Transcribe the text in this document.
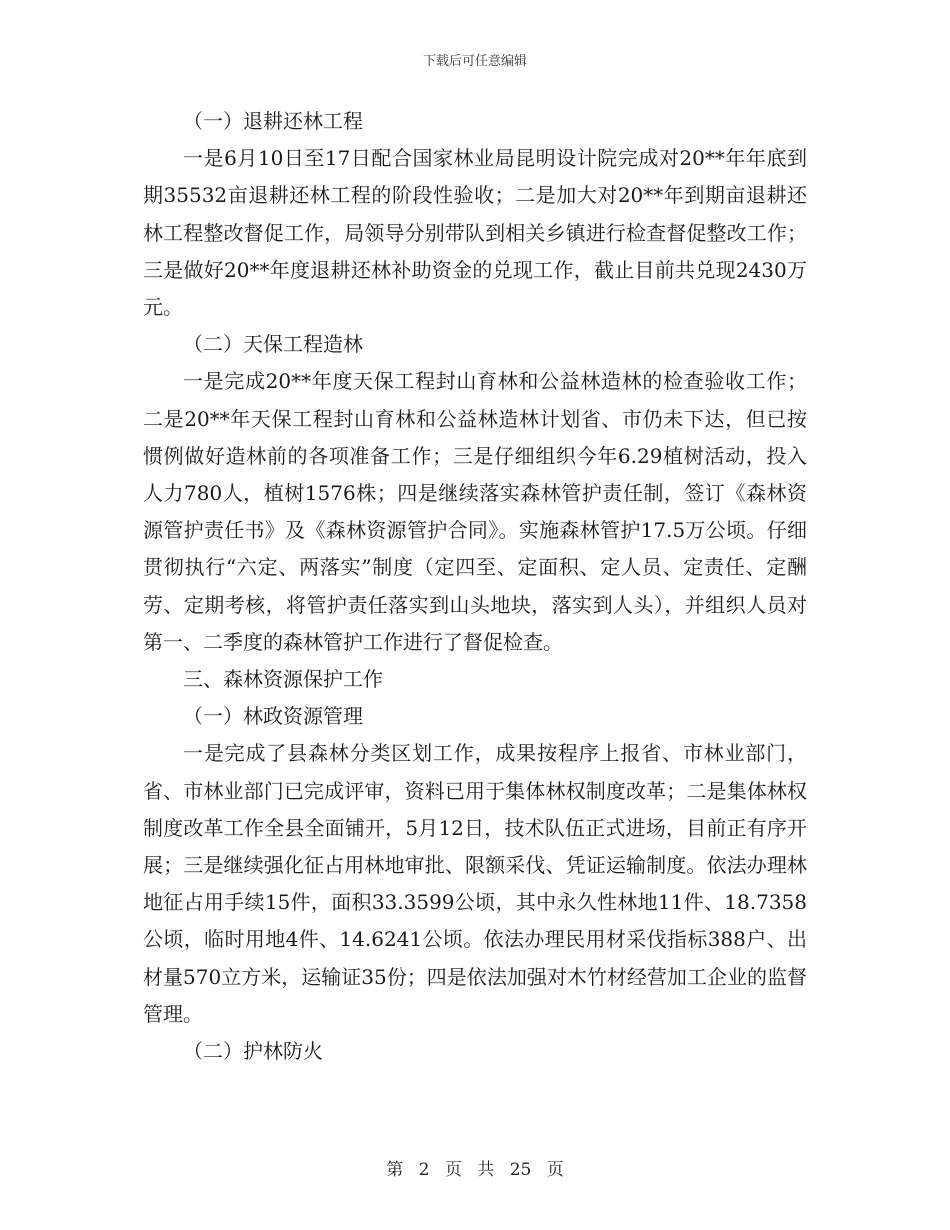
下载后可任意编辑

（一）退耕还林工程

一是6月10日至17日配合国家林业局昆明设计院完成对20**年年底到期35532亩退耕还林工程的阶段性验收；二是加大对20**年到期亩退耕还林工程整改督促工作，局领导分别带队到相关乡镇进行检查督促整改工作；三是做好20**年度退耕还林补助资金的兑现工作，截止目前共兑现2430万元。

（二）天保工程造林

一是完成20**年度天保工程封山育林和公益林造林的检查验收工作；二是20**年天保工程封山育林和公益林造林计划省、市仍未下达，但已按惯例做好造林前的各项准备工作；三是仔细组织今年6.29植树活动，投入人力780人，植树1576株；四是继续落实森林管护责任制，签订《森林资源管护责任书》及《森林资源管护合同》。实施森林管护17.5万公顷。仔细贯彻执行“六定、两落实”制度（定四至、定面积、定人员、定责任、定酬劳、定期考核，将管护责任落实到山头地块，落实到人头），并组织人员对第一、二季度的森林管护工作进行了督促检查。

三、森林资源保护工作

（一）林政资源管理

一是完成了县森林分类区划工作，成果按程序上报省、市林业部门，省、市林业部门已完成评审，资料已用于集体林权制度改革；二是集体林权制度改革工作全县全面铺开，5月12日，技术队伍正式进场，目前正有序开展；三是继续强化征占用林地审批、限额采伐、凭证运输制度。依法办理林地征占用手续15件，面积33.3599公顷，其中永久性林地11件、18.7358公顷，临时用地4件、14.6241公顷。依法办理民用材采伐指标388户、出材量570立方米，运输证35份；四是依法加强对木竹材经营加工企业的监督管理。

（二）护林防火

第 2 页 共 25 页
